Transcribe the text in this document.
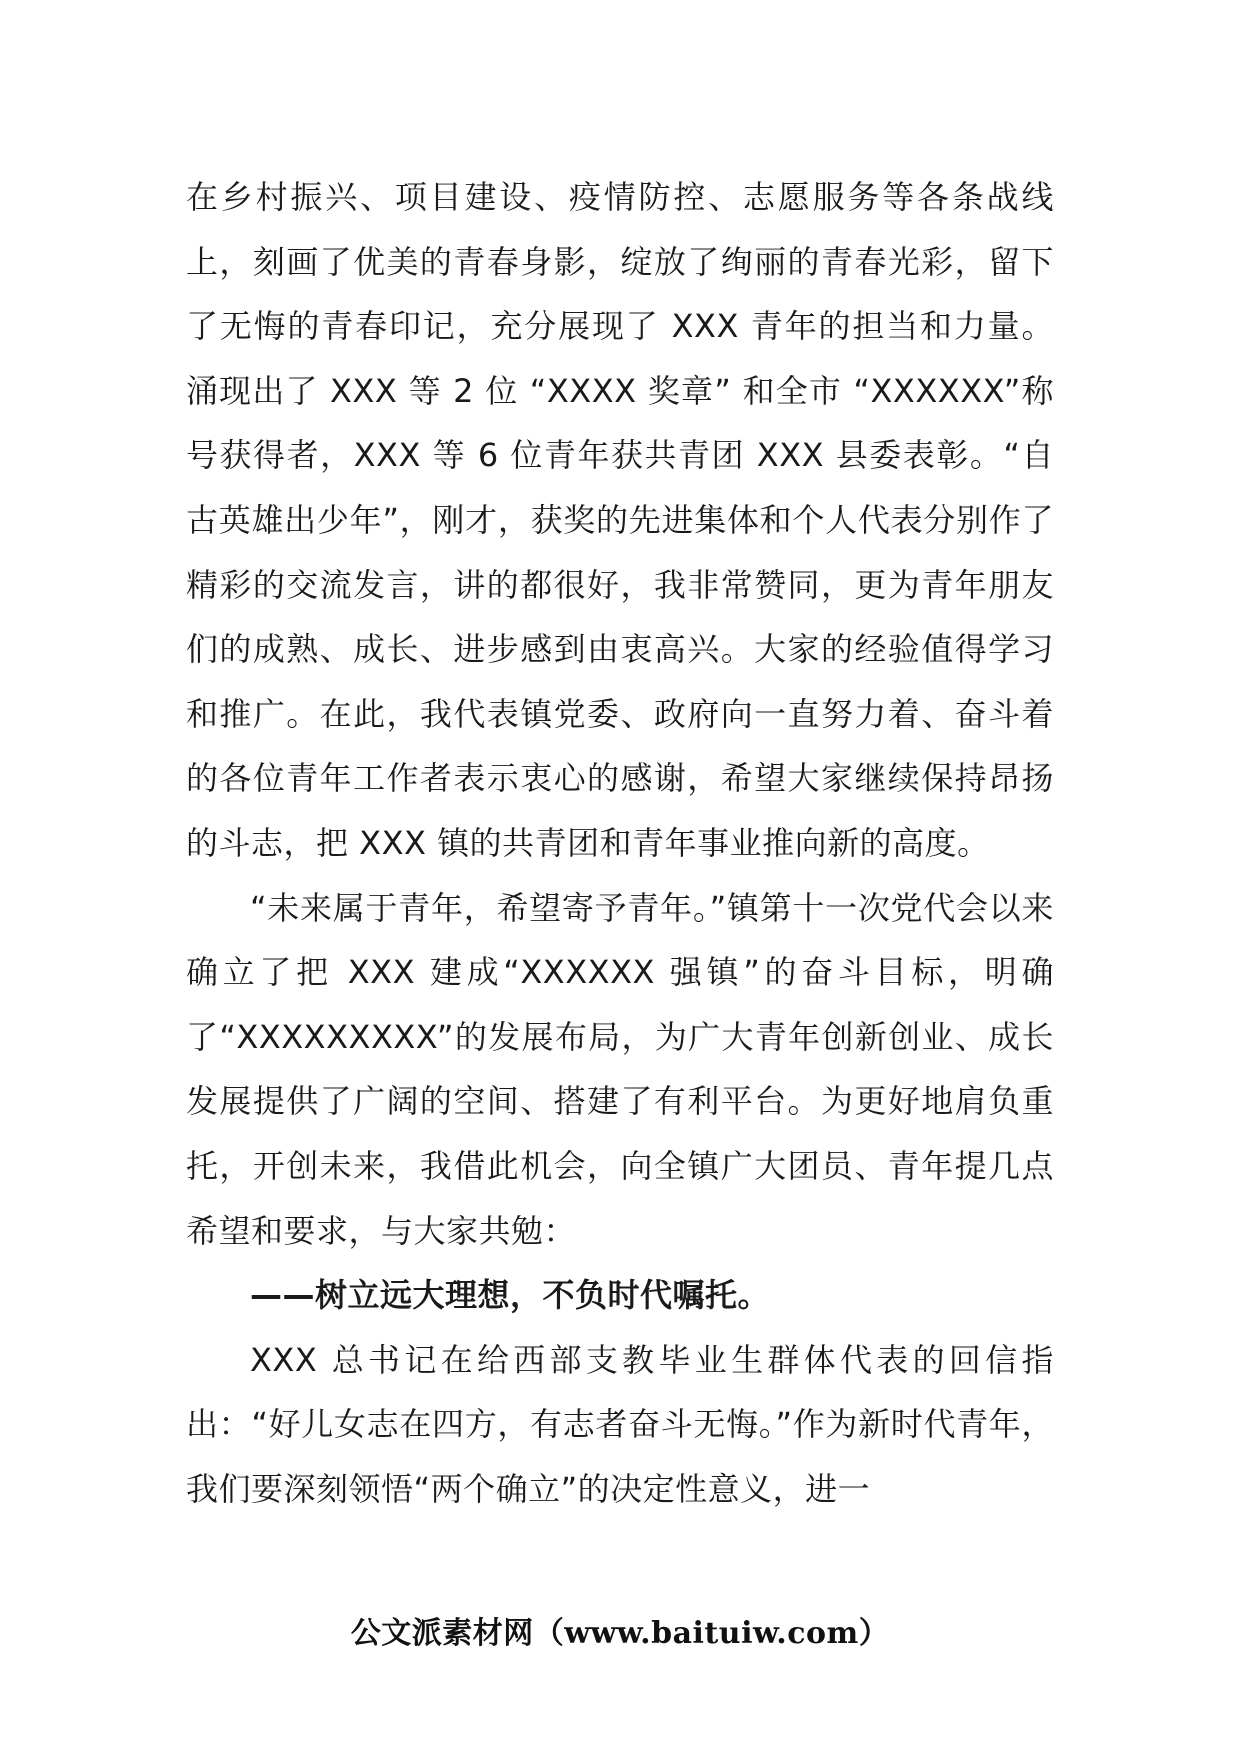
在乡村振兴、项目建设、疫情防控、志愿服务等各条战线上，刻画了优美的青春身影，绽放了绚丽的青春光彩，留下了无悔的青春印记，充分展现了 XXX 青年的担当和力量。涌现出了 XXX 等 2 位 “XXXX 奖章” 和全市 “XXXXXX”称号获得者，XXX 等 6 位青年获共青团 XXX 县委表彰。“自古英雄出少年”，刚才，获奖的先进集体和个人代表分别作了精彩的交流发言，讲的都很好，我非常赞同，更为青年朋友们的成熟、成长、进步感到由衷高兴。大家的经验值得学习和推广。在此，我代表镇党委、政府向一直努力着、奋斗着的各位青年工作者表示衷心的感谢，希望大家继续保持昂扬的斗志，把 XXX 镇的共青团和青年事业推向新的高度。

“未来属于青年，希望寄予青年。”镇第十一次党代会以来确立了把 XXX 建成“XXXXXX 强镇”的奋斗目标，明确了“XXXXXXXXX”的发展布局，为广大青年创新创业、成长发展提供了广阔的空间、搭建了有利平台。为更好地肩负重托，开创未来，我借此机会，向全镇广大团员、青年提几点希望和要求，与大家共勉：

——树立远大理想，不负时代嘱托。

XXX 总书记在给西部支教毕业生群体代表的回信指出：“好儿女志在四方，有志者奋斗无悔。”作为新时代青年，我们要深刻领悟“两个确立”的决定性意义，进一

公文派素材网（www.baituiw.com）
